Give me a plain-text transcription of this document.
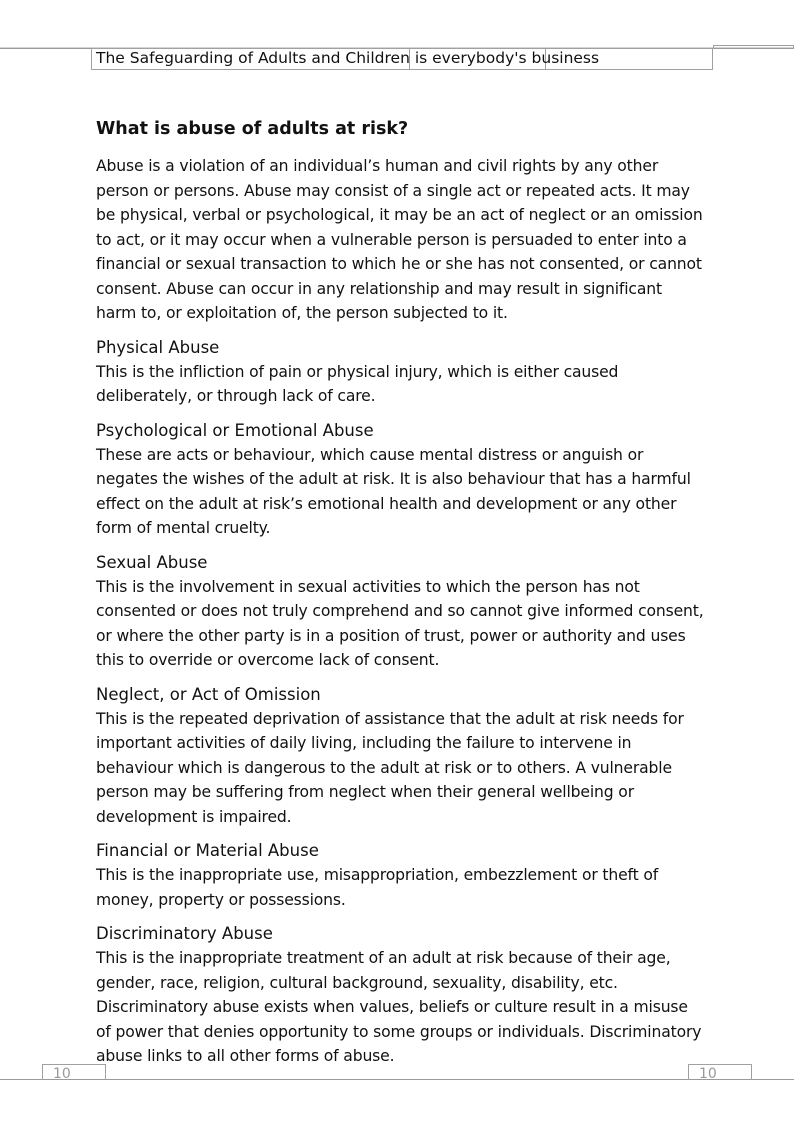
The Safeguarding of Adults and Children is everybody's business
What is abuse of adults at risk?

Abuse is a violation of an individual’s human and civil rights by any other person or persons. Abuse may consist of a single act or repeated acts. It may be physical, verbal or psychological, it may be an act of neglect or an omission to act, or it may occur when a vulnerable person is persuaded to enter into a financial or sexual transaction to which he or she has not consented, or cannot consent. Abuse can occur in any relationship and may result in significant harm to, or exploitation of, the person subjected to it.

Physical Abuse

This is the infliction of pain or physical injury, which is either caused deliberately, or through lack of care.

Psychological or Emotional Abuse

These are acts or behaviour, which cause mental distress or anguish or negates the wishes of the adult at risk. It is also behaviour that has a harmful effect on the adult at risk’s emotional health and development or any other form of mental cruelty.

Sexual Abuse

This is the involvement in sexual activities to which the person has not consented or does not truly comprehend and so cannot give informed consent, or where the other party is in a position of trust, power or authority and uses this to override or overcome lack of consent.

Neglect, or Act of Omission

This is the repeated deprivation of assistance that the adult at risk needs for important activities of daily living, including the failure to intervene in behaviour which is dangerous to the adult at risk or to others. A vulnerable person may be suffering from neglect when their general wellbeing or development is impaired.

Financial or Material Abuse

This is the inappropriate use, misappropriation, embezzlement or theft of money, property or possessions.

Discriminatory Abuse

This is the inappropriate treatment of an adult at risk because of their age, gender, race, religion, cultural background, sexuality, disability, etc. Discriminatory abuse exists when values, beliefs or culture result in a misuse of power that denies opportunity to some groups or individuals. Discriminatory abuse links to all other forms of abuse.

10	10
